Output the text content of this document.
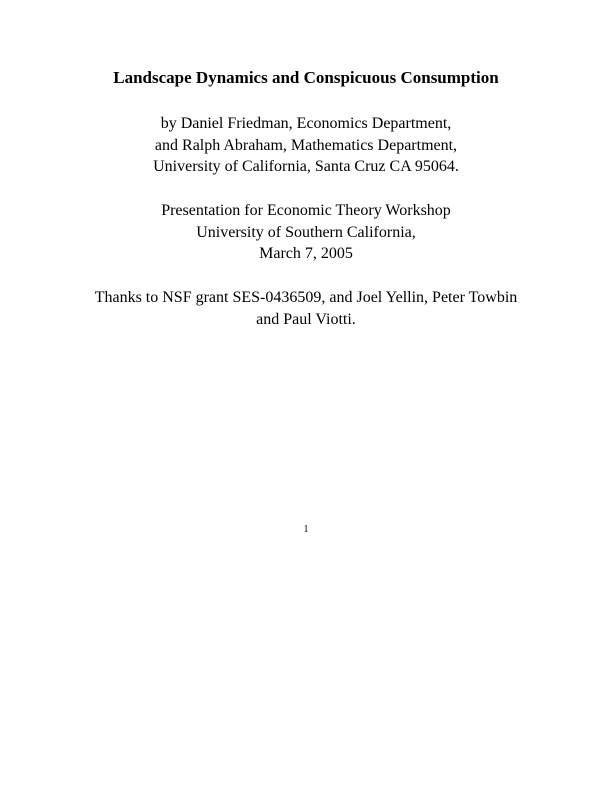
Landscape Dynamics and Conspicuous Consumption
by Daniel Friedman, Economics Department,
and Ralph Abraham, Mathematics Department,
University of California, Santa Cruz CA 95064.
Presentation for Economic Theory Workshop
University of Southern California,
March 7, 2005
Thanks to NSF grant SES-0436509, and Joel Yellin, Peter Towbin
and Paul Viotti.
1
